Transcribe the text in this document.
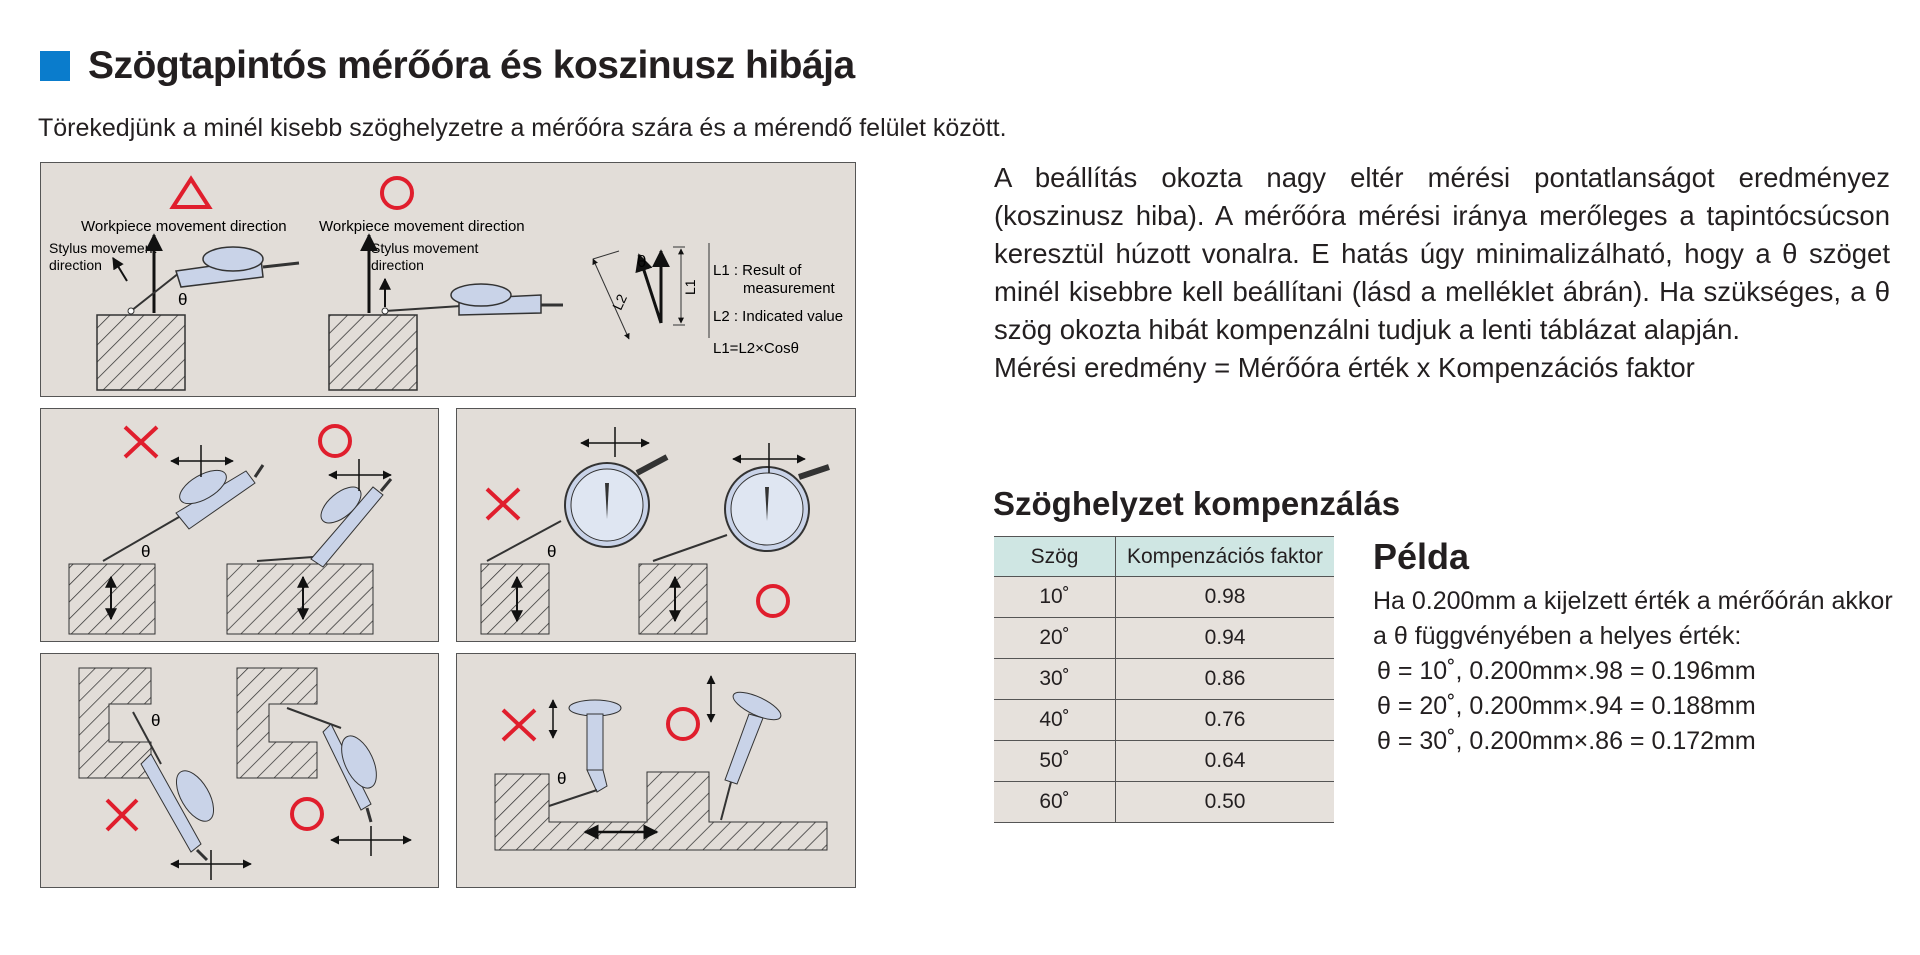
Szögtapintós mérőóra és koszinusz hibája
Törekedjünk a minél kisebb szöghelyzetre a mérőóra szára és a mérendő felület között.
Workpiece movement direction
Stylus movement
direction
θ
Workpiece movement direction
Stylus movement
direction	θ
L1
L2
L1 : Result of
measurement
L2 : Indicated value
L1=L2×Cosθ
θ	θ
θ
θ

A beállítás okozta nagy eltér mérési pontatlanságot eredményez (koszinusz hiba). A mérőóra mérési iránya merőleges a tapintócsúcson keresztül húzott vonalra. E hatás úgy minimalizálható, hogy a θ szöget minél kisebbre kell beállítani (lásd a melléklet ábrán). Ha szükséges, a θ szög okozta hibát kompenzálni tudjuk a lenti táblázat alapján.

Mérési eredmény = Mérőóra érték x Kompenzációs faktor

Szöghelyzet kompenzálás
Szög	Kompenzációs faktor
10˚	0.98
20˚	0.94
30˚	0.86
40˚	0.76
50˚	0.64
60˚	0.50
Példa
Ha 0.200mm a kijelzett érték a mérőórán akkor
a θ függvényében a helyes érték:
θ = 10˚, 0.200mm×.98 = 0.196mm
θ = 20˚, 0.200mm×.94 = 0.188mm
θ = 30˚, 0.200mm×.86 = 0.172mm
